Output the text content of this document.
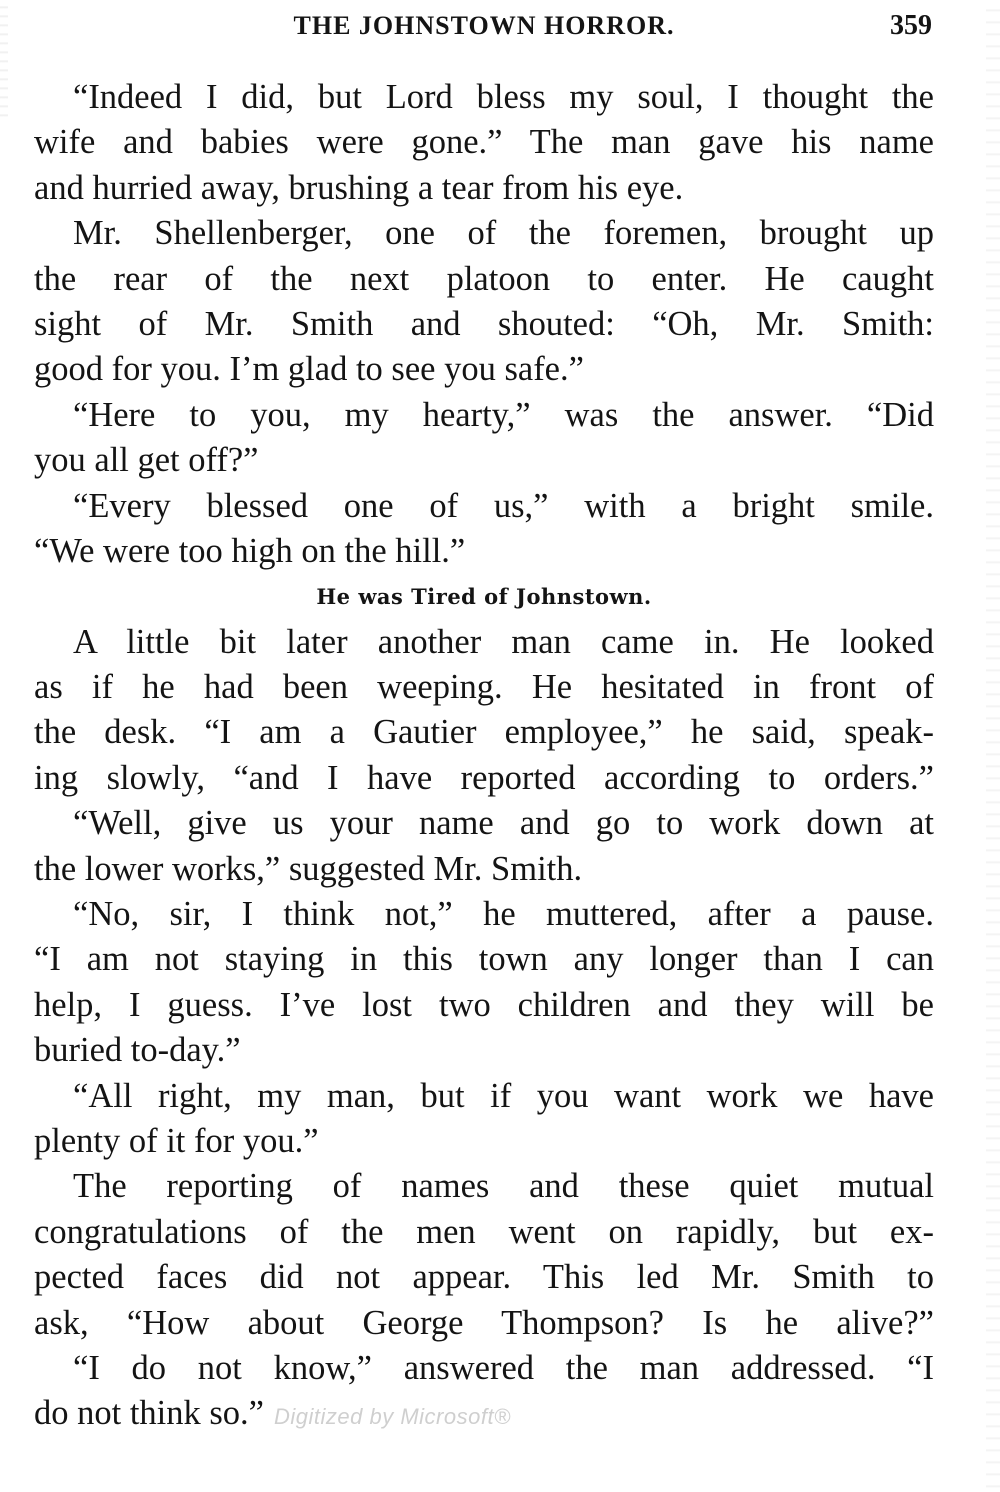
THE JOHNSTOWN HORROR.	359
“Indeed I did, but Lord bless my soul, I thought the
wife and babies were gone.” The man gave his name
and hurried away, brushing a tear from his eye.
Mr. Shellenberger, one of the foremen, brought up
the rear of the next platoon to enter. He caught
sight of Mr. Smith and shouted: “Oh, Mr. Smith:
good for you. I’m glad to see you safe.”
“Here to you, my hearty,” was the answer. “Did
you all get off?”
“Every blessed one of us,” with a bright smile.
“We were too high on the hill.”
He was Tired of Johnstown.
A little bit later another man came in. He looked
as if he had been weeping. He hesitated in front of
the desk. “I am a Gautier employee,” he said, speak-
ing slowly, “and I have reported according to orders.”
“Well, give us your name and go to work down at
the lower works,” suggested Mr. Smith.
“No, sir, I think not,” he muttered, after a pause.
“I am not staying in this town any longer than I can
help, I guess. I’ve lost two children and they will be
buried to-day.”
“All right, my man, but if you want work we have
plenty of it for you.”
The reporting of names and these quiet mutual
congratulations of the men went on rapidly, but ex-
pected faces did not appear. This led Mr. Smith to
ask, “How about George Thompson? Is he alive?”
“I do not know,” answered the man addressed. “I
do not think so.” Digitized by Microsoft®
